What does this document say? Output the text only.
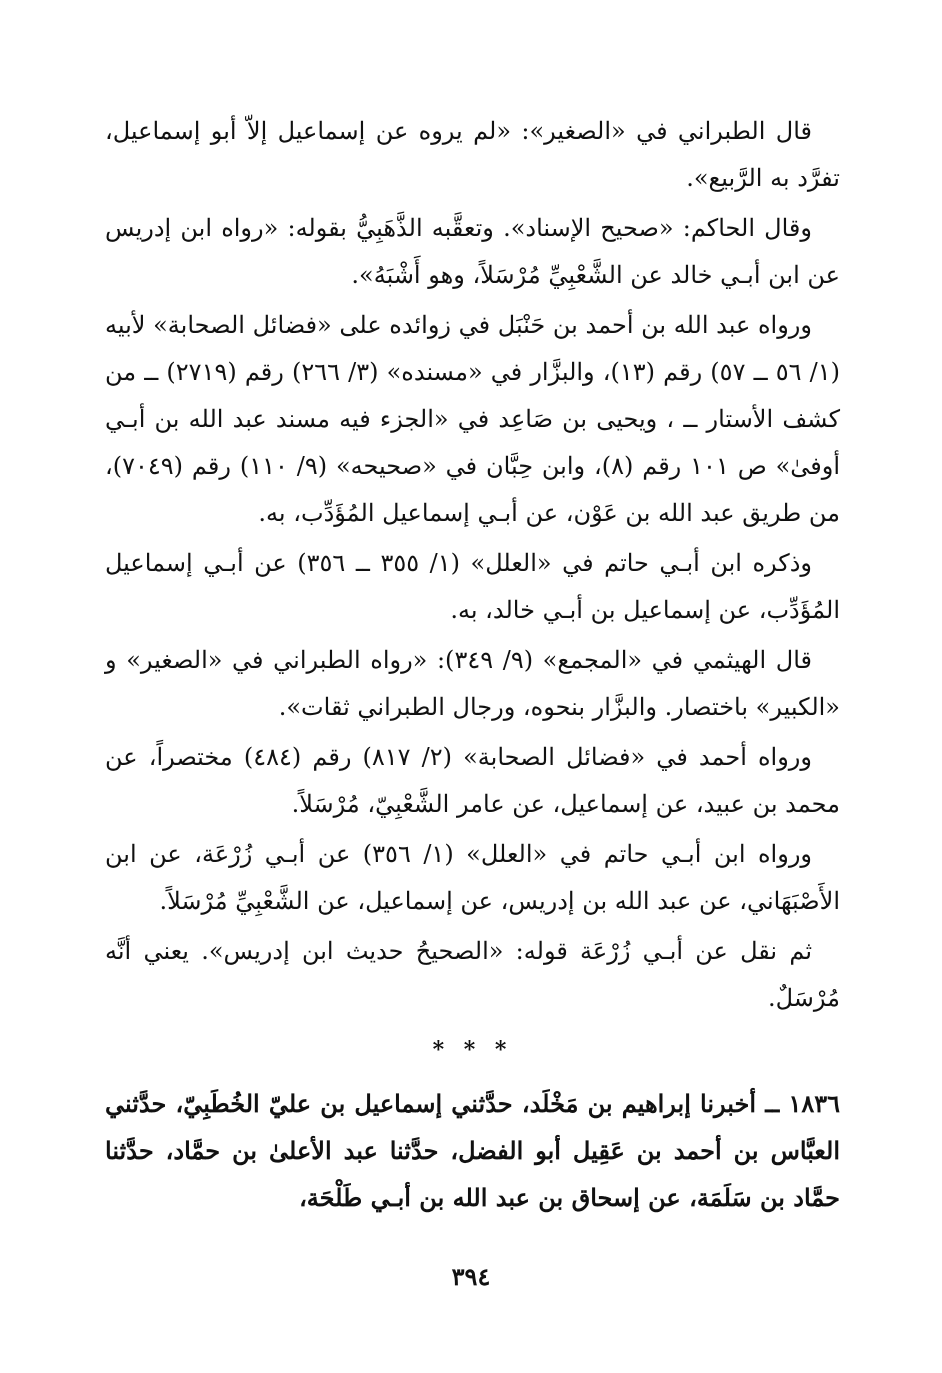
قال الطبراني في «الصغير»: «لم يروه عن إسماعيل إلاّ أبو إسماعيل، تفرَّد به الرَّبيع».

وقال الحاكم: «صحيح الإسناد». وتعقَّبه الذَّهَبِيُّ بقوله: «رواه ابن إدريس عن ابن أبـي خالد عن الشَّعْبِيِّ مُرْسَلاً، وهو أَشْبَهُ».

ورواه عبد الله بن أحمد بن حَنْبَل في زوائده على «فضائل الصحابة» لأبيه (١/ ٥٦ ــ ٥٧) رقم (١٣)، والبزَّار في «مسنده» (٣/ ٢٦٦) رقم (٢٧١٩) ــ من كشف الأستار ــ ، ويحيى بن صَاعِد في «الجزء فيه مسند عبد الله بن أبـي أوفىٰ» ص ١٠١ رقم (٨)، وابن حِبَّان في «صحيحه» (٩/ ١١٠) رقم (٧٠٤٩)، من طريق عبد الله بن عَوْن، عن أبـي إسماعيل المُؤَدِّب، به.

وذكره ابن أبـي حاتم في «العلل» (١/ ٣٥٥ ــ ٣٥٦) عن أبـي إسماعيل المُؤَدِّب، عن إسماعيل بن أبـي خالد، به.

قال الهيثمي في «المجمع» (٩/ ٣٤٩): «رواه الطبراني في «الصغير» و «الكبير» باختصار. والبزَّار بنحوه، ورجال الطبراني ثقات».

ورواه أحمد في «فضائل الصحابة» (٢/ ٨١٧) رقم (٤٨٤) مختصراً، عن محمد بن عبيد، عن إسماعيل، عن عامر الشَّعْبِيّ، مُرْسَلاً.

ورواه ابن أبـي حاتم في «العلل» (١/ ٣٥٦) عن أبـي زُرْعَة، عن ابن الأَصْبَهَاني، عن عبد الله بن إدريس، عن إسماعيل، عن الشَّعْبِيِّ مُرْسَلاً.

ثم نقل عن أبـي زُرْعَة قوله: «الصحيحُ حديث ابن إدريس». يعني أنَّه مُرْسَلٌ.

* * *

١٨٣٦ ــ أخبرنا إبراهيم بن مَخْلَد، حدَّثني إسماعيل بن عليّ الخُطَبِيّ، حدَّثني العبَّاس بن أحمد بن عَقِيل أبو الفضل، حدَّثنا عبد الأعلىٰ بن حمَّاد، حدَّثنا حمَّاد بن سَلَمَة، عن إسحاق بن عبد الله بن أبـي طَلْحَة،

٣٩٤
